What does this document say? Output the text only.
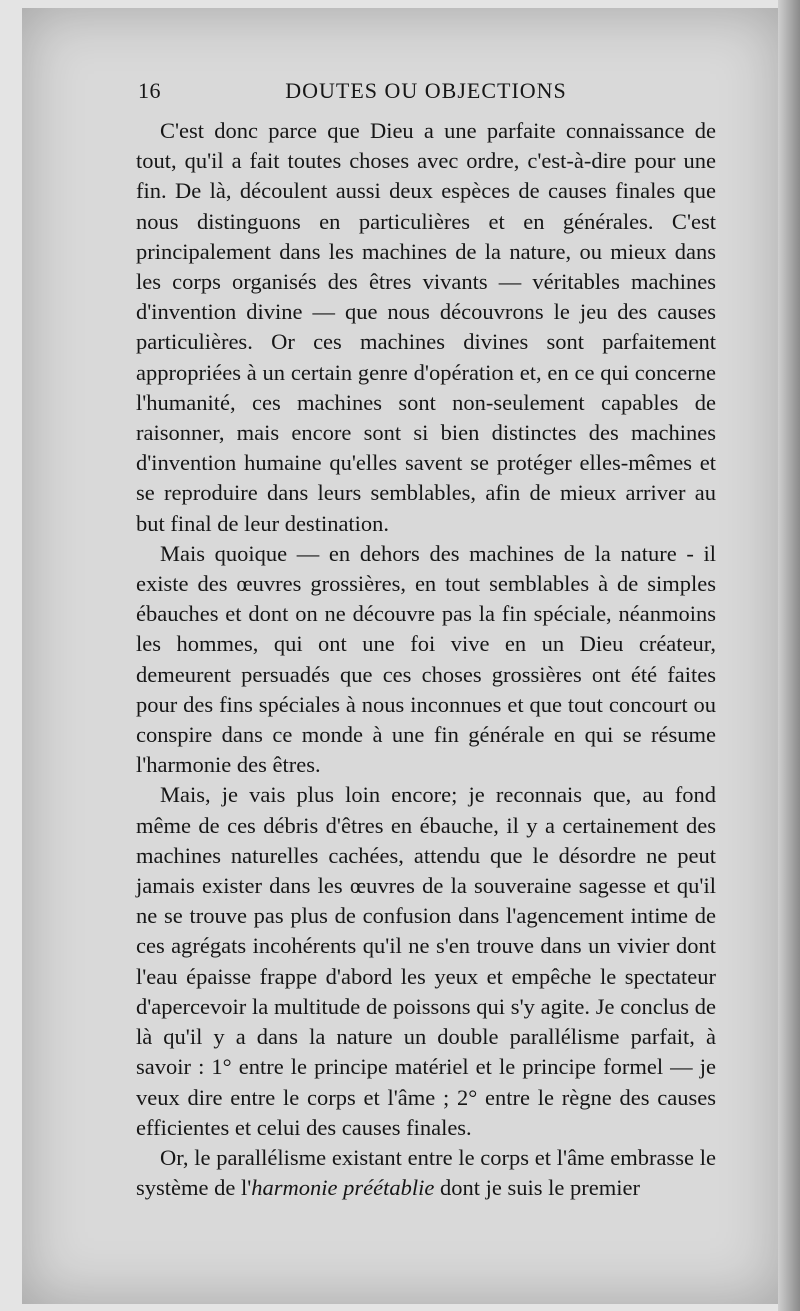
16	DOUTES OU OBJECTIONS

C'est donc parce que Dieu a une parfaite connaissance de tout, qu'il a fait toutes choses avec ordre, c'est-à-dire pour une fin. De là, découlent aussi deux espèces de causes finales que nous distinguons en particulières et en générales. C'est principalement dans les machines de la nature, ou mieux dans les corps organisés des êtres vivants — véritables machines d'invention divine — que nous découvrons le jeu des causes particulières. Or ces machines divines sont parfaitement appropriées à un certain genre d'opération et, en ce qui concerne l'humanité, ces machines sont non-seulement capables de raisonner, mais encore sont si bien distinctes des machines d'invention humaine qu'elles savent se protéger elles-mêmes et se reproduire dans leurs semblables, afin de mieux arriver au but final de leur destination.

Mais quoique — en dehors des machines de la nature - il existe des œuvres grossières, en tout semblables à de simples ébauches et dont on ne découvre pas la fin spéciale, néanmoins les hommes, qui ont une foi vive en un Dieu créateur, demeurent persuadés que ces choses grossières ont été faites pour des fins spéciales à nous inconnues et que tout concourt ou conspire dans ce monde à une fin générale en qui se résume l'harmonie des êtres.

Mais, je vais plus loin encore; je reconnais que, au fond même de ces débris d'êtres en ébauche, il y a certainement des machines naturelles cachées, attendu que le désordre ne peut jamais exister dans les œuvres de la souveraine sagesse et qu'il ne se trouve pas plus de confusion dans l'agencement intime de ces agrégats incohérents qu'il ne s'en trouve dans un vivier dont l'eau épaisse frappe d'abord les yeux et empêche le spectateur d'apercevoir la multitude de poissons qui s'y agite. Je conclus de là qu'il y a dans la nature un double parallélisme parfait, à savoir : 1° entre le principe matériel et le principe formel — je veux dire entre le corps et l'âme ; 2° entre le règne des causes efficientes et celui des causes finales.

Or, le parallélisme existant entre le corps et l'âme embrasse le système de l'harmonie préétablie dont je suis le premier
